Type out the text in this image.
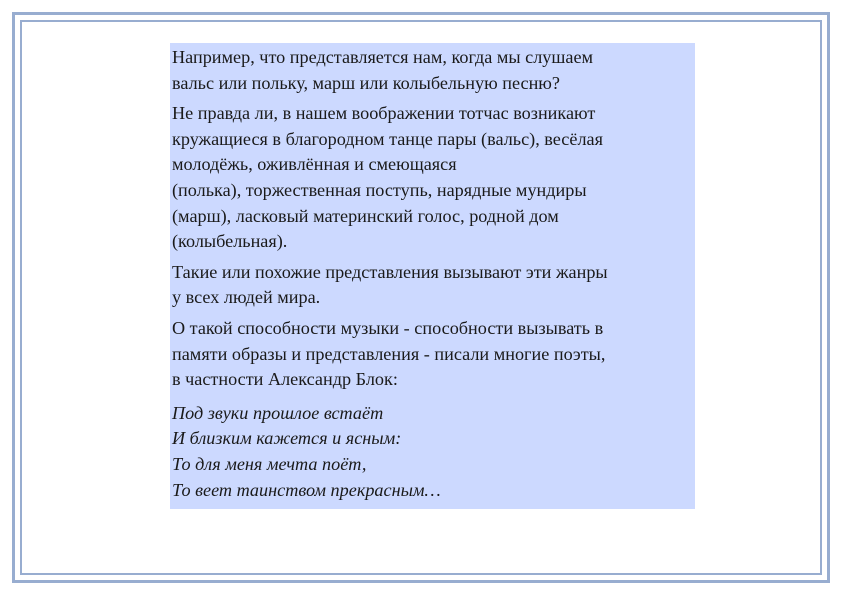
Например, что представляется нам, когда мы слушаем
вальс или польку, марш или колыбельную песню?
Не правда ли, в нашем воображении тотчас возникают
кружащиеся в благородном танце пары (вальс), весёлая
молодёжь, оживлённая и смеющаяся
(полька), торжественная поступь, нарядные мундиры
(марш), ласковый материнский голос, родной дом
(колыбельная).
Такие или похожие представления вызывают эти жанры
у всех людей мира.
О такой способности музыки - способности вызывать в
памяти образы и представления - писали многие поэты,
в частности Александр Блок:
Под звуки прошлое встаёт
И близким кажется и ясным:
То для меня мечта поёт,
То веет таинством прекрасным…
